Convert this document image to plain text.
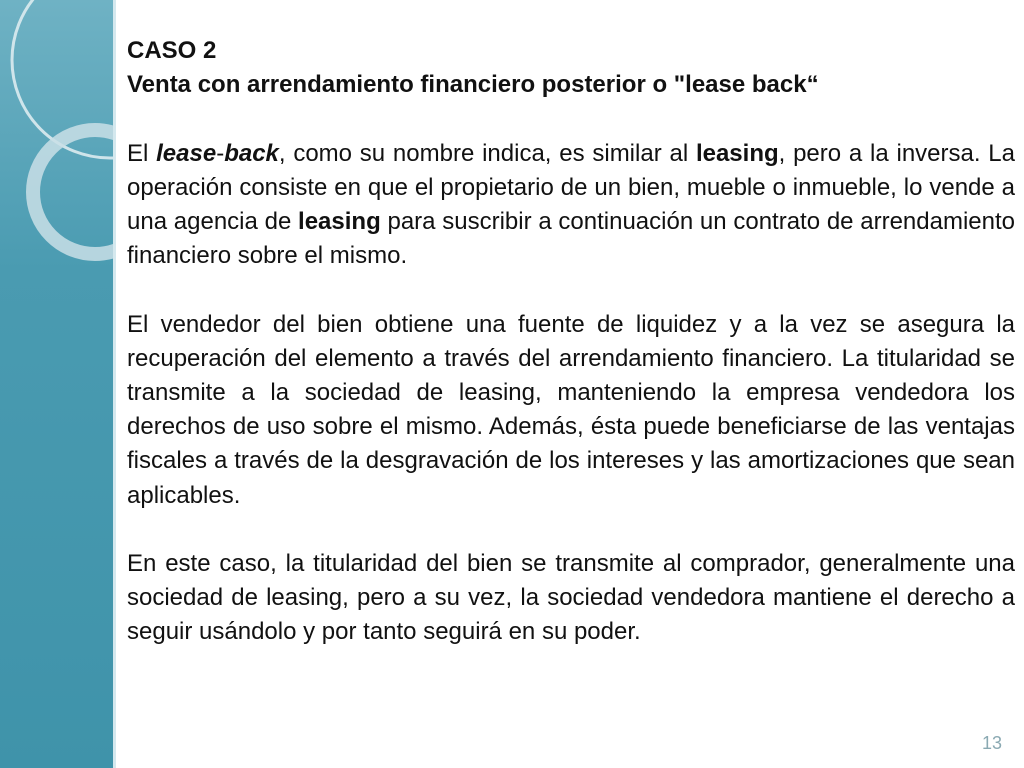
CASO 2

Venta con arrendamiento financiero posterior o "lease back“

El lease-back, como su nombre indica, es similar al leasing, pero a la inversa. La operación consiste en que el propietario de un bien, mueble o inmueble, lo vende a una agencia de leasing para suscribir a continuación un contrato de arrendamiento financiero sobre el mismo.

El vendedor del bien obtiene una fuente de liquidez y a la vez se asegura la recuperación del elemento a través del arrendamiento financiero. La titularidad se transmite a la sociedad de leasing, manteniendo la empresa vendedora los derechos de uso sobre el mismo. Además, ésta puede beneficiarse de las ventajas fiscales a través de la desgravación de los intereses y las amortizaciones que sean aplicables.

En este caso, la titularidad del bien se transmite al comprador, generalmente una sociedad de leasing, pero a su vez, la sociedad vendedora mantiene el derecho a seguir usándolo y por tanto seguirá en su poder.

13
